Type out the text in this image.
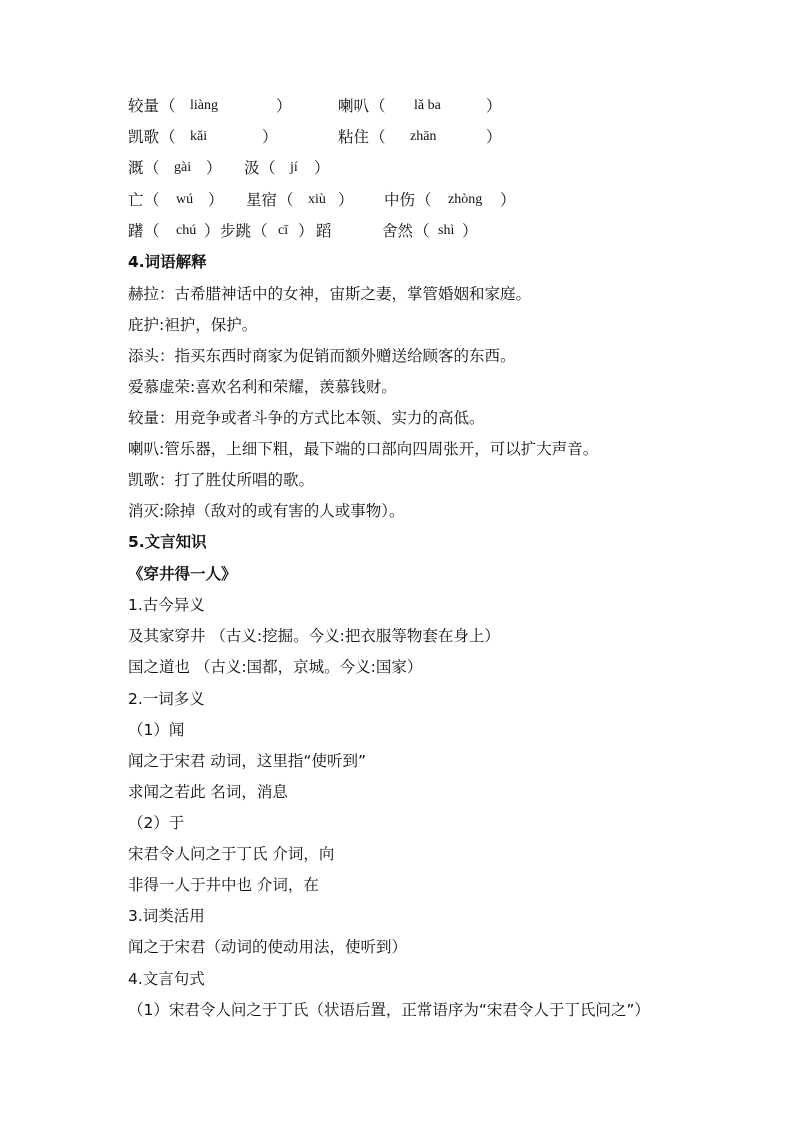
较量 （ liàng	）	喇叭 （ lǎ ba	）
凯歌 （ kǎi	）	粘住 （ zhān	）
溉 （ gài ） 汲 （ jí ）
亡 （ wú ） 星宿 （ xiù ） 中伤 （ zhòng ）
躇 （ chú ） 步跳 （ cī ） 蹈	舍然 （ shì ）
4.词语解释
赫拉：古希腊神话中的女神，宙斯之妻，掌管婚姻和家庭。
庇护:袒护，保护。
添头：指买东西时商家为促销而额外赠送给顾客的东西。
爱慕虚荣:喜欢名利和荣耀，羡慕钱财。
较量：用竞争或者斗争的方式比本领、实力的高低。
喇叭:管乐器，上细下粗，最下端的口部向四周张开，可以扩大声音。
凯歌：打了胜仗所唱的歌。
消灭:除掉（敌对的或有害的人或事物）。
5.文言知识
《穿井得一人》
1.古今异义
及其家穿井 （古义:挖掘。今义:把衣服等物套在身上）
国之道也 （古义:国都，京城。今义:国家）
2.一词多义
（1）闻
闻之于宋君 动词，这里指“使听到”
求闻之若此 名词，消息
（2）于
宋君令人问之于丁氏 介词，向
非得一人于井中也 介词，在
3.词类活用
闻之于宋君（动词的使动用法，使听到）
4.文言句式
（1）宋君令人问之于丁氏（状语后置，正常语序为“宋君令人于丁氏问之”）
